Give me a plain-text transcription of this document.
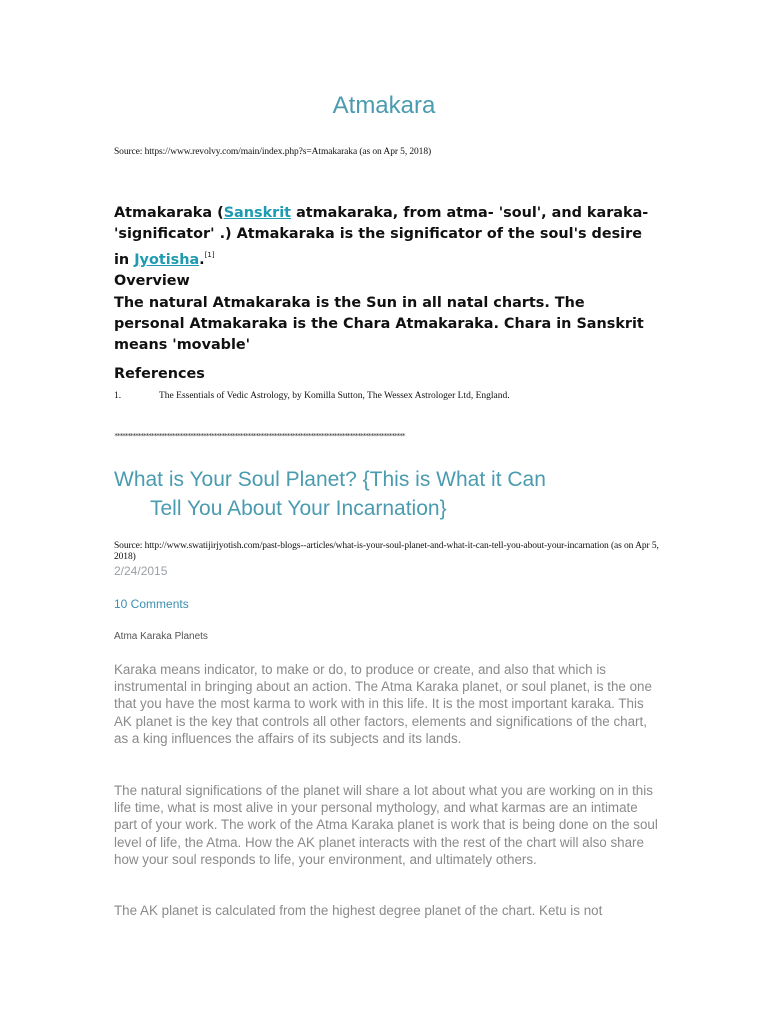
Atmakara
Source: https://www.revolvy.com/main/index.php?s=Atmakaraka (as on Apr 5, 2018)
Atmakaraka (Sanskrit atmakaraka, from atma- 'soul', and karaka- 'significator' .) Atmakaraka is the significator of the soul's desire in Jyotisha.[1]
Overview
The natural Atmakaraka is the Sun in all natal charts. The personal Atmakaraka is the Chara Atmakaraka. Chara in Sanskrit means 'movable'
References
1.	The Essentials of Vedic Astrology, by Komilla Sutton, The Wessex Astrologer Ltd, England.
***************************************************************************************************************
What is Your Soul Planet? {This is What it Can
Tell You About Your Incarnation}
Source: http://www.swatijirjyotish.com/past-blogs--articles/what-is-your-soul-planet-and-what-it-can-tell-you-about-your-incarnation (as on Apr 5, 2018)
2/24/2015
10 Comments
Atma Karaka Planets
Karaka means indicator, to make or do, to produce or create, and also that which is instrumental in bringing about an action. The Atma Karaka planet, or soul planet, is the one that you have the most karma to work with in this life. It is the most important karaka. This AK planet is the key that controls all other factors, elements and significations of the chart, as a king influences the affairs of its subjects and its lands.
The natural significations of the planet will share a lot about what you are working on in this life time, what is most alive in your personal mythology, and what karmas are an intimate part of your work. The work of the Atma Karaka planet is work that is being done on the soul level of life, the Atma. How the AK planet interacts with the rest of the chart will also share how your soul responds to life, your environment, and ultimately others.
The AK planet is calculated from the highest degree planet of the chart. Ketu is not
